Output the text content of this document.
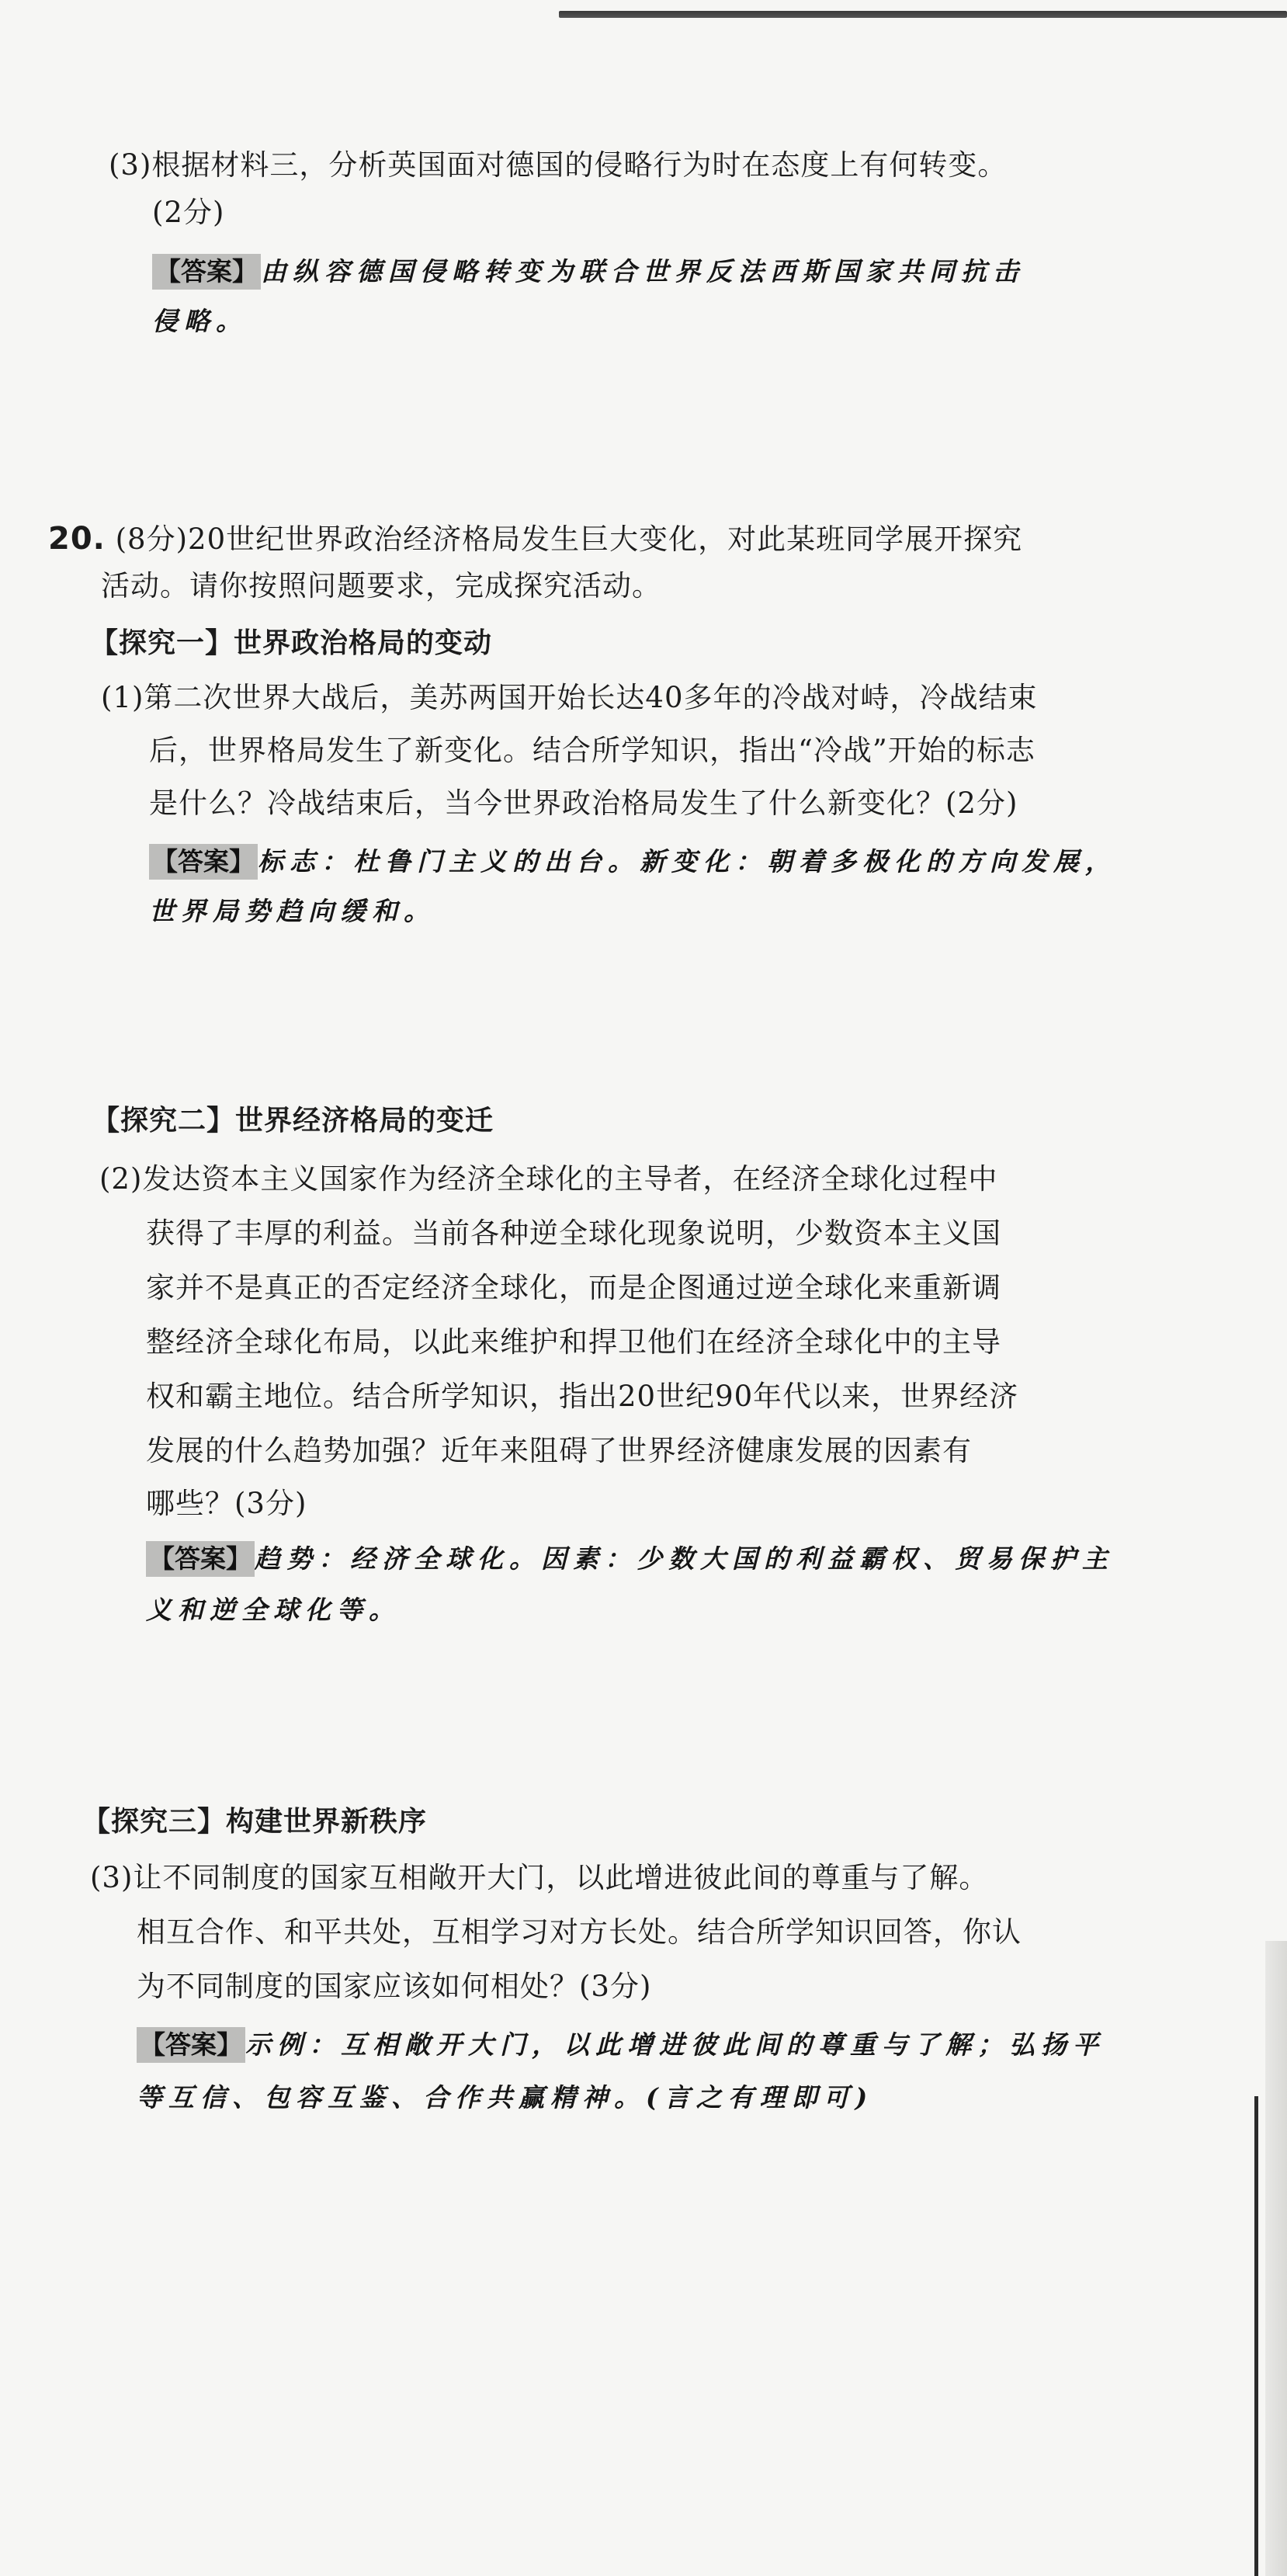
(3)根据材料三，分析英国面对德国的侵略行为时在态度上有何转变。
(2分)
【答案】 由纵容德国侵略转变为联合世界反法西斯国家共同抗击
侵略。
20. (8分)20世纪世界政治经济格局发生巨大变化，对此某班同学展开探究
活动。请你按照问题要求，完成探究活动。
【探究一】世界政治格局的变动
(1)第二次世界大战后，美苏两国开始长达40多年的冷战对峙，冷战结束
后，世界格局发生了新变化。结合所学知识，指出“冷战”开始的标志
是什么？冷战结束后，当今世界政治格局发生了什么新变化？(2分)
【答案】 标志：杜鲁门主义的出台。新变化：朝着多极化的方向发展，
世界局势趋向缓和。
【探究二】世界经济格局的变迁
(2)发达资本主义国家作为经济全球化的主导者，在经济全球化过程中
获得了丰厚的利益。当前各种逆全球化现象说明，少数资本主义国
家并不是真正的否定经济全球化，而是企图通过逆全球化来重新调
整经济全球化布局，以此来维护和捍卫他们在经济全球化中的主导
权和霸主地位。结合所学知识，指出20世纪90年代以来，世界经济
发展的什么趋势加强？近年来阻碍了世界经济健康发展的因素有
哪些？(3分)
【答案】 趋势：经济全球化。因素：少数大国的利益霸权、贸易保护主
义和逆全球化等。
【探究三】构建世界新秩序
(3)让不同制度的国家互相敞开大门，以此增进彼此间的尊重与了解。
相互合作、和平共处，互相学习对方长处。结合所学知识回答，你认
为不同制度的国家应该如何相处？(3分)
【答案】 示例：互相敞开大门，以此增进彼此间的尊重与了解；弘扬平
等互信、包容互鉴、合作共赢精神。(言之有理即可)
